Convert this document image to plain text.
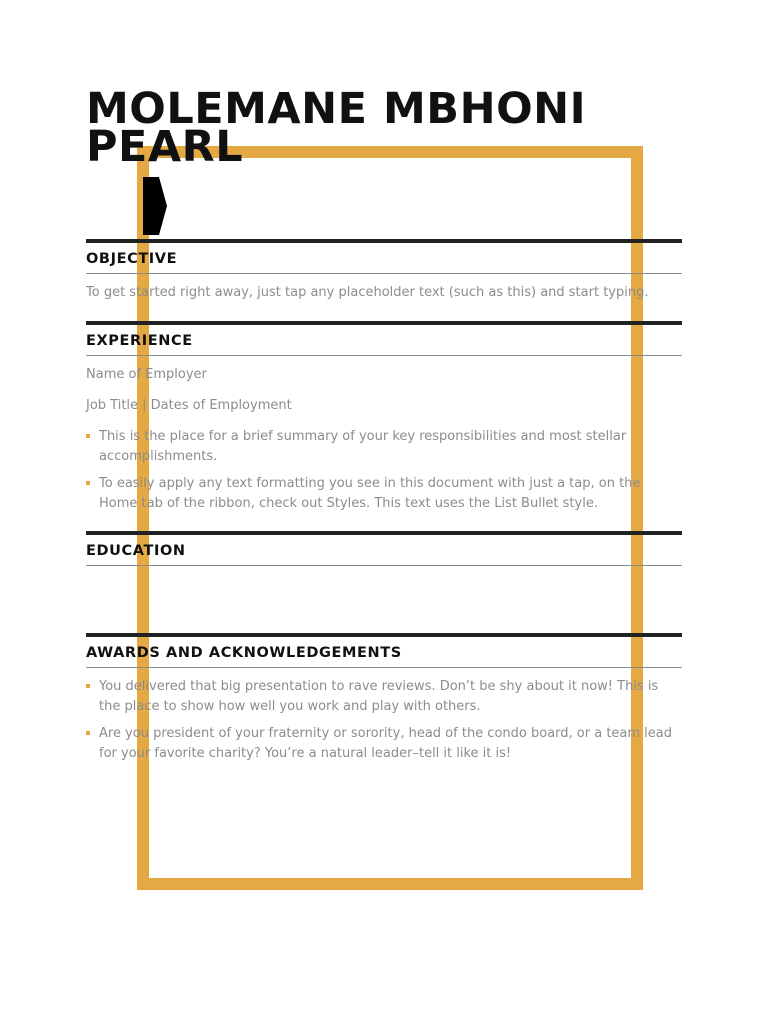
MOLEMANE MBHONI
PEARL
OBJECTIVE

To get started right away, just tap any placeholder text (such as this) and start typing.

EXPERIENCE

Name of Employer

Job Title | Dates of Employment

This is the place for a brief summary of your key responsibilities and most stellar accomplishments.
To easily apply any text formatting you see in this document with just a tap, on the Home tab of the ribbon, check out Styles. This text uses the List Bullet style.
EDUCATION
AWARDS AND ACKNOWLEDGEMENTS
You delivered that big presentation to rave reviews. Don’t be shy about it now! This is the place to show how well you work and play with others.
Are you president of your fraternity or sorority, head of the condo board, or a team lead for your favorite charity? You’re a natural leader–tell it like it is!
